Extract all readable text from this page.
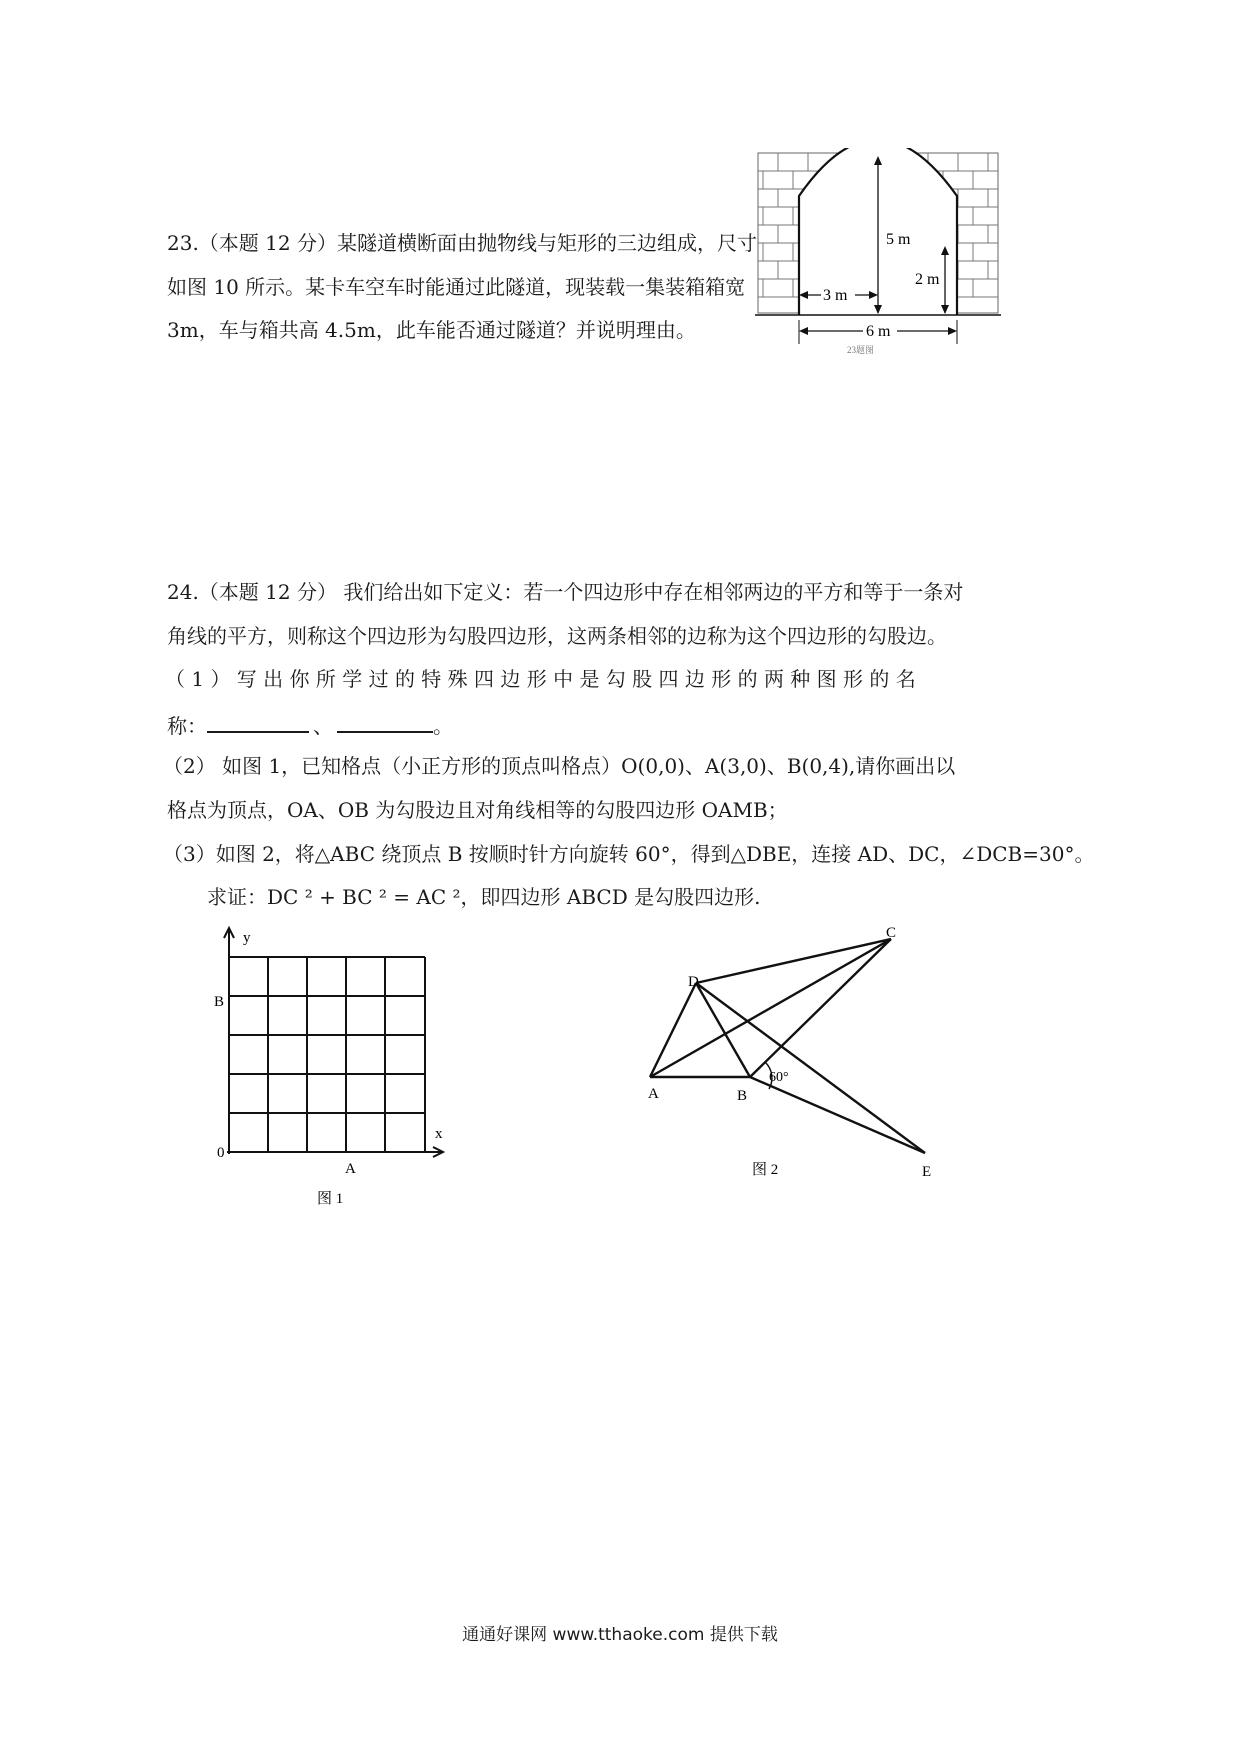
23.（本题 12 分）某隧道横断面由抛物线与矩形的三边组成，尺寸
如图 10 所示。某卡车空车时能通过此隧道，现装载一集装箱箱宽
3m，车与箱共高 4.5m，此车能否通过隧道？并说明理由。
5 m
2 m
3 m
6 m
23题图
24.（本题 12 分） 我们给出如下定义：若一个四边形中存在相邻两边的平方和等于一条对
角线的平方，则称这个四边形为勾股四边形，这两条相邻的边称为这个四边形的勾股边。
（ 1 ） 写 出 你 所 学 过 的 特 殊 四 边 形 中 是 勾 股 四 边 形 的 两 种 图 形 的 名
称：	、	。
（2） 如图 1，已知格点（小正方形的顶点叫格点）O(0,0)、A(3,0)、B(0,4),请你画出以
格点为顶点，OA、OB 为勾股边且对角线相等的勾股四边形 OAMB；
（3）如图 2，将△ABC 绕顶点 B 按顺时针方向旋转 60°，得到△DBE，连接 AD、DC，∠DCB=30°。
求证：DC ² + BC ² = AC ²，即四边形 ABCD 是勾股四边形.
y
x
B
0
A
图 1
60°
C
D
A	B
E
图 2
通通好课网 www.tthaoke.com 提供下载
